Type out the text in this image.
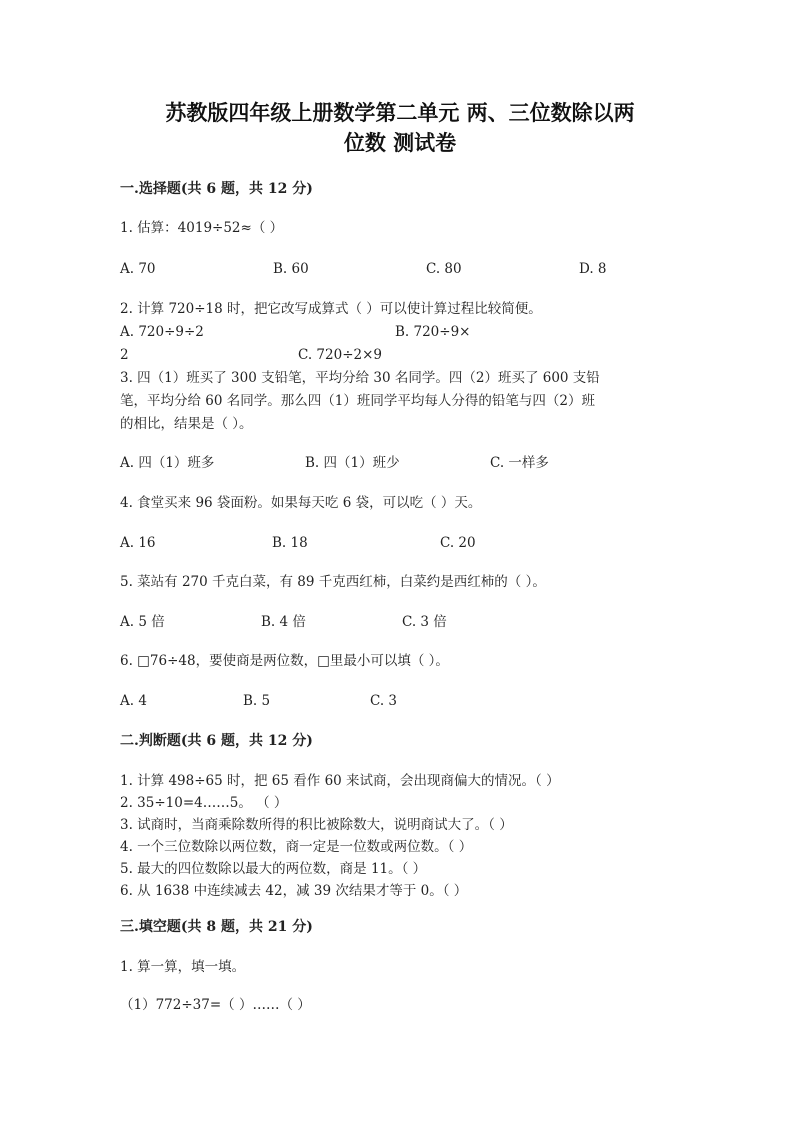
苏教版四年级上册数学第二单元 两、三位数除以两
位数 测试卷
一.选择题(共 6 题，共 12 分)
1. 估算：4019÷52≈（ ）
A. 70	B. 60	C. 80	D. 8
2. 计算 720÷18 时，把它改写成算式（ ）可以使计算过程比较简便。
A. 720÷9÷2	B. 720÷9×
2	C. 720÷2×9
3. 四（1）班买了 300 支铅笔，平均分给 30 名同学。四（2）班买了 600 支铅
笔，平均分给 60 名同学。那么四（1）班同学平均每人分得的铅笔与四（2）班
的相比，结果是（ ）。
A. 四（1）班多	B. 四（1）班少	C. 一样多
4. 食堂买来 96 袋面粉。如果每天吃 6 袋，可以吃（ ）天。
A. 16	B. 18	C. 20
5. 菜站有 270 千克白菜，有 89 千克西红柿，白菜约是西红柿的（ ）。
A. 5 倍	B. 4 倍	C. 3 倍
6. □76÷48，要使商是两位数，□里最小可以填（ ）。
A. 4	B. 5	C. 3
二.判断题(共 6 题，共 12 分)
1. 计算 498÷65 时，把 65 看作 60 来试商，会出现商偏大的情况。（ ）
2. 35÷10=4……5。 （ ）
3. 试商时，当商乘除数所得的积比被除数大，说明商试大了。（ ）
4. 一个三位数除以两位数，商一定是一位数或两位数。（ ）
5. 最大的四位数除以最大的两位数，商是 11。（ ）
6. 从 1638 中连续减去 42，减 39 次结果才等于 0。（ ）
三.填空题(共 8 题，共 21 分)
1. 算一算，填一填。
（1）772÷37=（ ）……（ ）
